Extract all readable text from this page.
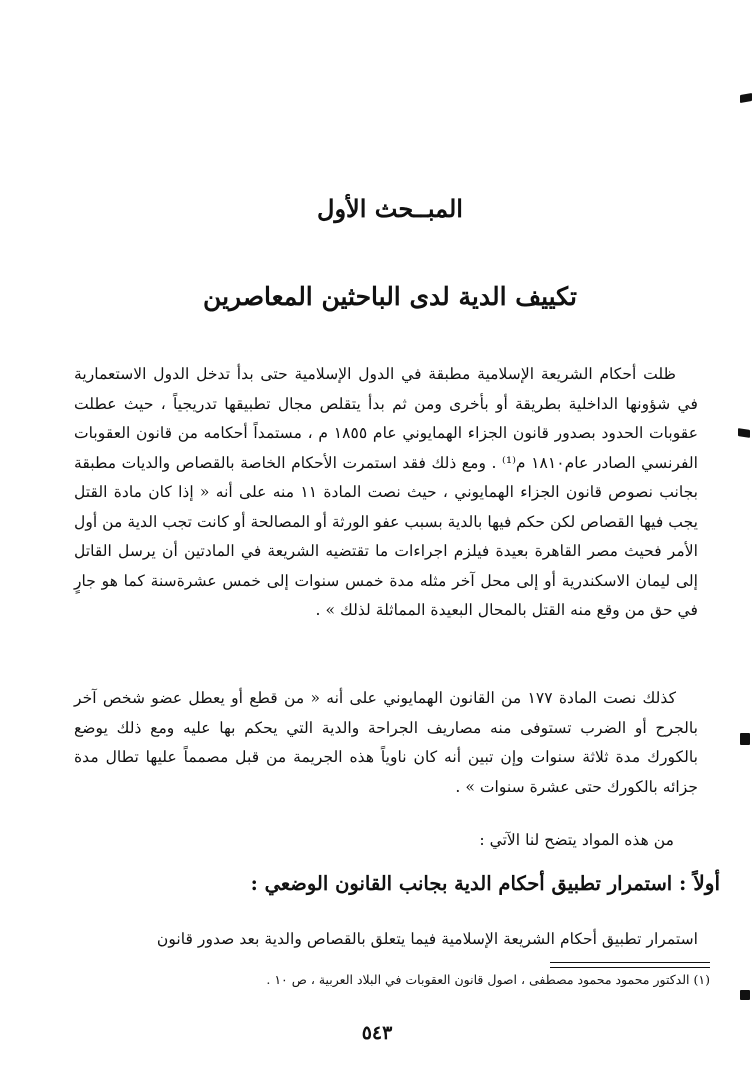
المبــحث الأول
تكييف الدية لدى الباحثين المعاصرين

ظلت أحكام الشريعة الإسلامية مطبقة في الدول الإسلامية حتى بدأ تدخل الدول الاستعمارية في شؤونها الداخلية بطريقة أو بأخرى ومن ثم بدأ يتقلص مجال تطبيقها تدريجياً ، حيث عطلت عقوبات الحدود بصدور قانون الجزاء الهمايوني عام ١٨٥٥ م ، مستمداً أحكامه من قانون العقوبات الفرنسي الصادر عام١٨١٠ م⁽¹⁾ . ومع ذلك فقد استمرت الأحكام الخاصة بالقصاص والديات مطبقة بجانب نصوص قانون الجزاء الهمايوني ، حيث نصت المادة ١١ منه على أنه « إذا كان مادة القتل يجب فيها القصاص لكن حكم فيها بالدية بسبب عفو الورثة أو المصالحة أو كانت تجب الدية من أول الأمر فحيث مصر القاهرة بعيدة فيلزم اجراءات ما تقتضيه الشريعة في المادتين أن يرسل القاتل إلى ليمان الاسكندرية أو إلى محل آخر مثله مدة خمس سنوات إلى خمس عشرةسنة كما هو جارٍ في حق من وقع منه القتل بالمحال البعيدة المماثلة لذلك » .

كذلك نصت المادة ١٧٧ من القانون الهمايوني على أنه « من قطع أو يعطل عضو شخص آخر بالجرح أو الضرب تستوفى منه مصاريف الجراحة والدية التي يحكم بها عليه ومع ذلك يوضع بالكورك مدة ثلاثة سنوات وإن تبين أنه كان ناوياً هذه الجريمة من قبل مصمماً عليها تطال مدة جزائه بالكورك حتى عشرة سنوات » .

من هذه المواد يتضح لنا الآتي :

أولاً : استمرار تطبيق أحكام الدية بجانب القانون الوضعي :

استمرار تطبيق أحكام الشريعة الإسلامية فيما يتعلق بالقصاص والدية بعد صدور قانون

(١) الدكتور محمود محمود مصطفى ، اصول قانون العقوبات في البلاد العربية ، ص ١٠ .

٥٤٣
